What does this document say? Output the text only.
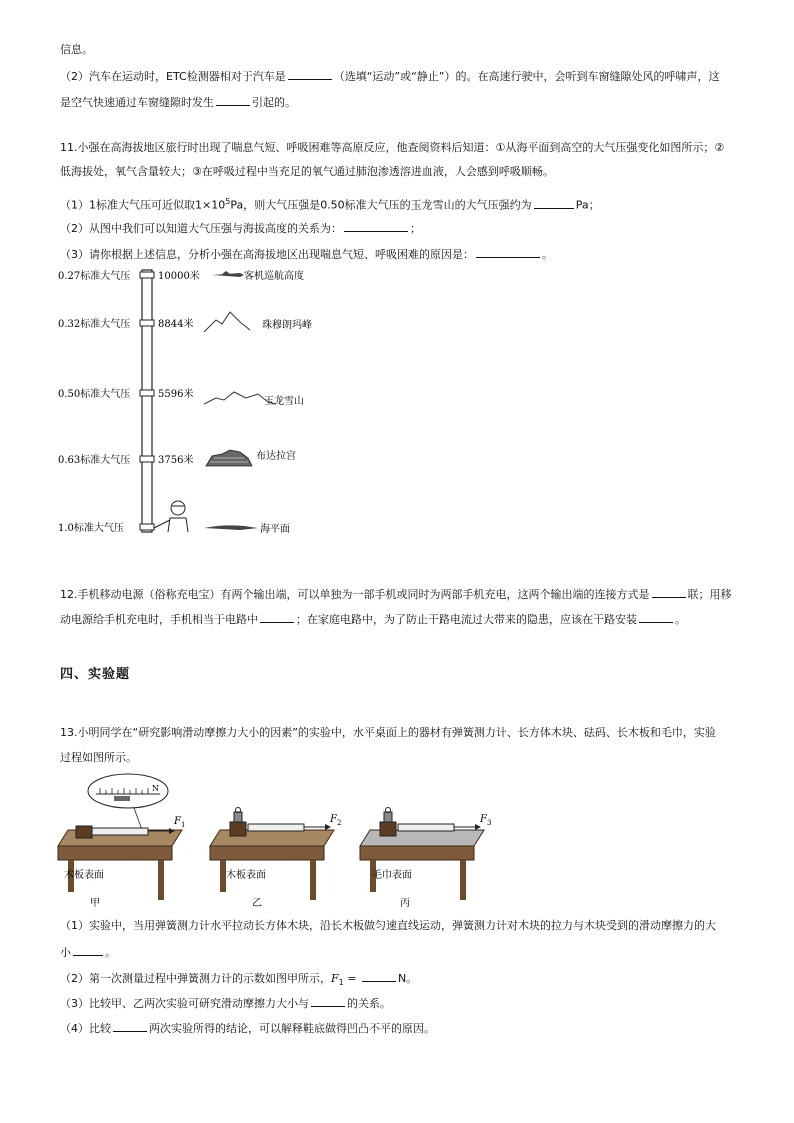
信息。
（2）汽车在运动时，ETC检测器相对于汽车是	（选填“运动”或“静止”）的。在高速行驶中，会听到车窗缝隙处风的呼啸声，这
是空气快速通过车窗缝隙时发生	引起的。
11.小强在高海拔地区旅行时出现了喘息气短、呼吸困难等高原反应，他查阅资料后知道：①从海平面到高空的大气压强变化如图所示；②
低海拔处，氧气含量较大；③在呼吸过程中当充足的氧气通过肺泡渗透溶进血液，人会感到呼吸顺畅。
（1）1标准大气压可近似取$1\times 10^5Pa$，则大气压强是0.50标准大气压的玉龙雪山的大气压强约为	Pa；
（2）从图中我们可以知道大气压强与海拔高度的关系为：	；
（3）请你根据上述信息，分析小强在高海拔地区出现喘息气短、呼吸困难的原因是：	。
0.27标准大气压
0.32标准大气压
0.50标准大气压
0.63标准大气压
1.0标准大气压
10000米
8844米
5596米
3756米
客机巡航高度
珠穆朗玛峰
玉龙雪山
布达拉宫
海平面
12.手机移动电源（俗称充电宝）有两个输出端，可以单独为一部手机或同时为两部手机充电，这两个输出端的连接方式是	联；用移
动电源给手机充电时，手机相当于电路中	；在家庭电路中，为了防止干路电流过大带来的隐患，应该在干路安装	。
四、实验题
13.小明同学在“研究影响滑动摩擦力大小的因素”的实验中，水平桌面上的器材有弹簧测力计、长方体木块、砝码、长木板和毛巾，实验
过程如图所示。
N
F 1
木板表面
甲
F 2
木板表面
乙
F 3
毛巾表面
丙
（1）实验中，当用弹簧测力计水平拉动长方体木块，沿长木板做匀速直线运动，弹簧测力计对木块的拉力与木块受到的滑动摩擦力的大
小	。
（2）第一次测量过程中弹簧测力计的示数如图甲所示，$F_1$ =	N。
（3）比较甲、乙两次实验可研究滑动摩擦力大小与	的关系。
（4）比较	两次实验所得的结论，可以解释鞋底做得凹凸不平的原因。
